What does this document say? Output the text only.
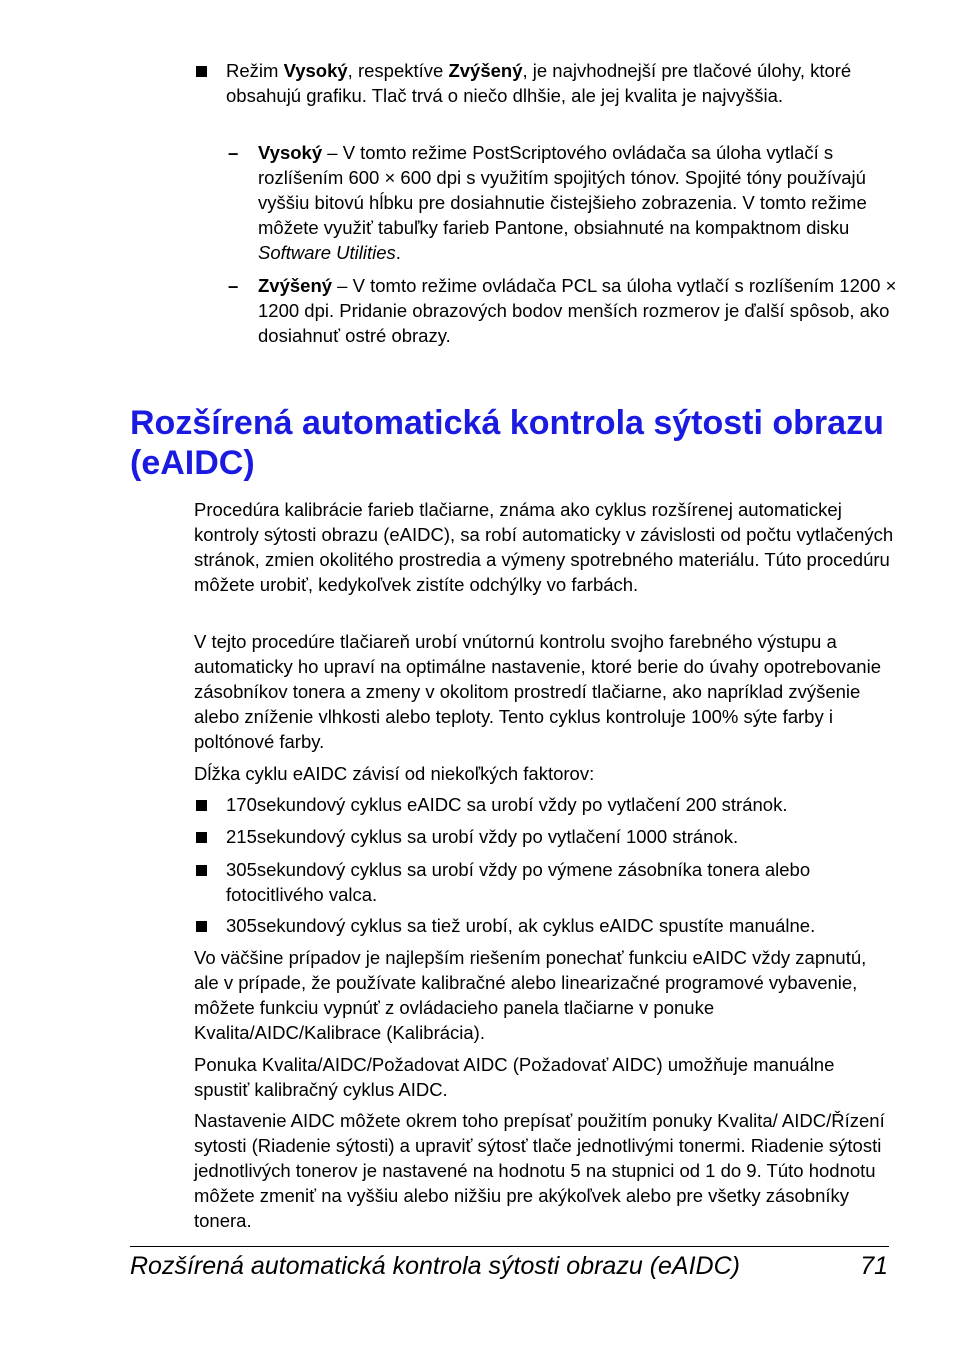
Režim Vysoký, respektíve Zvýšený, je najvhodnejší pre tlačové úlohy, ktoré obsahujú grafiku. Tlač trvá o niečo dlhšie, ale jej kvalita je najvyššia.
– Vysoký – V tomto režime PostScriptového ovládača sa úloha vytlačí s rozlíšením 600 × 600 dpi s využitím spojitých tónov. Spojité tóny používajú vyššiu bitovú hĺbku pre dosiahnutie čistejšieho zobrazenia. V tomto režime môžete využiť tabuľky farieb Pantone, obsiahnuté na kompaktnom disku Software Utilities.
– Zvýšený – V tomto režime ovládača PCL sa úloha vytlačí s rozlíšením 1200 × 1200 dpi. Pridanie obrazových bodov menších rozmerov je ďalší spôsob, ako dosiahnuť ostré obrazy.
Rozšírená automatická kontrola sýtosti obrazu (eAIDC)

Procedúra kalibrácie farieb tlačiarne, známa ako cyklus rozšírenej automatickej kontroly sýtosti obrazu (eAIDC), sa robí automaticky v závislosti od počtu vytlačených stránok, zmien okolitého prostredia a výmeny spotrebného materiálu. Túto procedúru môžete urobiť, kedykoľvek zistíte odchýlky vo farbách.

V tejto procedúre tlačiareň urobí vnútornú kontrolu svojho farebného výstupu a automaticky ho upraví na optimálne nastavenie, ktoré berie do úvahy opotrebovanie zásobníkov tonera a zmeny v okolitom prostredí tlačiarne, ako napríklad zvýšenie alebo zníženie vlhkosti alebo teploty. Tento cyklus kontroluje 100% sýte farby i poltónové farby.

Dĺžka cyklu eAIDC závisí od niekoľkých faktorov:

170sekundový cyklus eAIDC sa urobí vždy po vytlačení 200 stránok.
215sekundový cyklus sa urobí vždy po vytlačení 1000 stránok.
305sekundový cyklus sa urobí vždy po výmene zásobníka tonera alebo fotocitlivého valca.
305sekundový cyklus sa tiež urobí, ak cyklus eAIDC spustíte manuálne.

Vo väčšine prípadov je najlepším riešením ponechať funkciu eAIDC vždy zapnutú, ale v prípade, že používate kalibračné alebo linearizačné programové vybavenie, môžete funkciu vypnúť z ovládacieho panela tlačiarne v ponuke Kvalita/AIDC/Kalibrace (Kalibrácia).

Ponuka Kvalita/AIDC/Požadovat AIDC (Požadovať AIDC) umožňuje manuálne spustiť kalibračný cyklus AIDC.

Nastavenie AIDC môžete okrem toho prepísať použitím ponuky Kvalita/ AIDC/Řízení sytosti (Riadenie sýtosti) a upraviť sýtosť tlače jednotlivými tonermi. Riadenie sýtosti jednotlivých tonerov je nastavené na hodnotu 5 na stupnici od 1 do 9. Túto hodnotu môžete zmeniť na vyššiu alebo nižšiu pre akýkoľvek alebo pre všetky zásobníky tonera.

Rozšírená automatická kontrola sýtosti obrazu (eAIDC)	71
